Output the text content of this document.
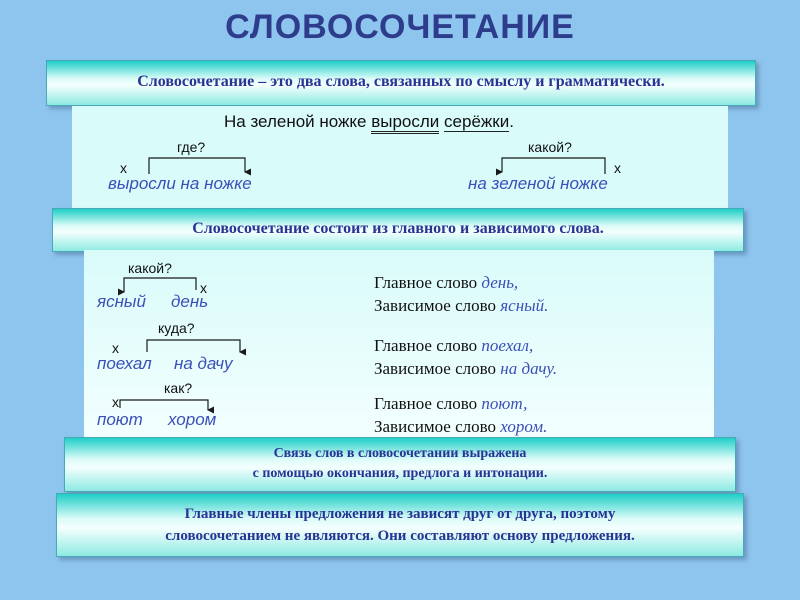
СЛОВОСОЧЕТАНИЕ
Словосочетание – это два слова, связанных по смыслу и грамматически.
На зеленой ножке выросли серёжки.
где?
х
выросли на ножке
какой?
х
на зеленой ножке
Словосочетание состоит из главного и зависимого слова.
какой?
х
ясный день
Главное слово день,
Зависимое слово ясный.
куда?
х
поехал на дачу
Главное слово поехал,
Зависимое слово на дачу.
как?
х
поют хором
Главное слово поют,
Зависимое слово хором.
Связь слов в словосочетании выражена
с помощью окончания, предлога и интонации.
Главные члены предложения не зависят друг от друга, поэтому
словосочетанием не являются. Они составляют основу предложения.
